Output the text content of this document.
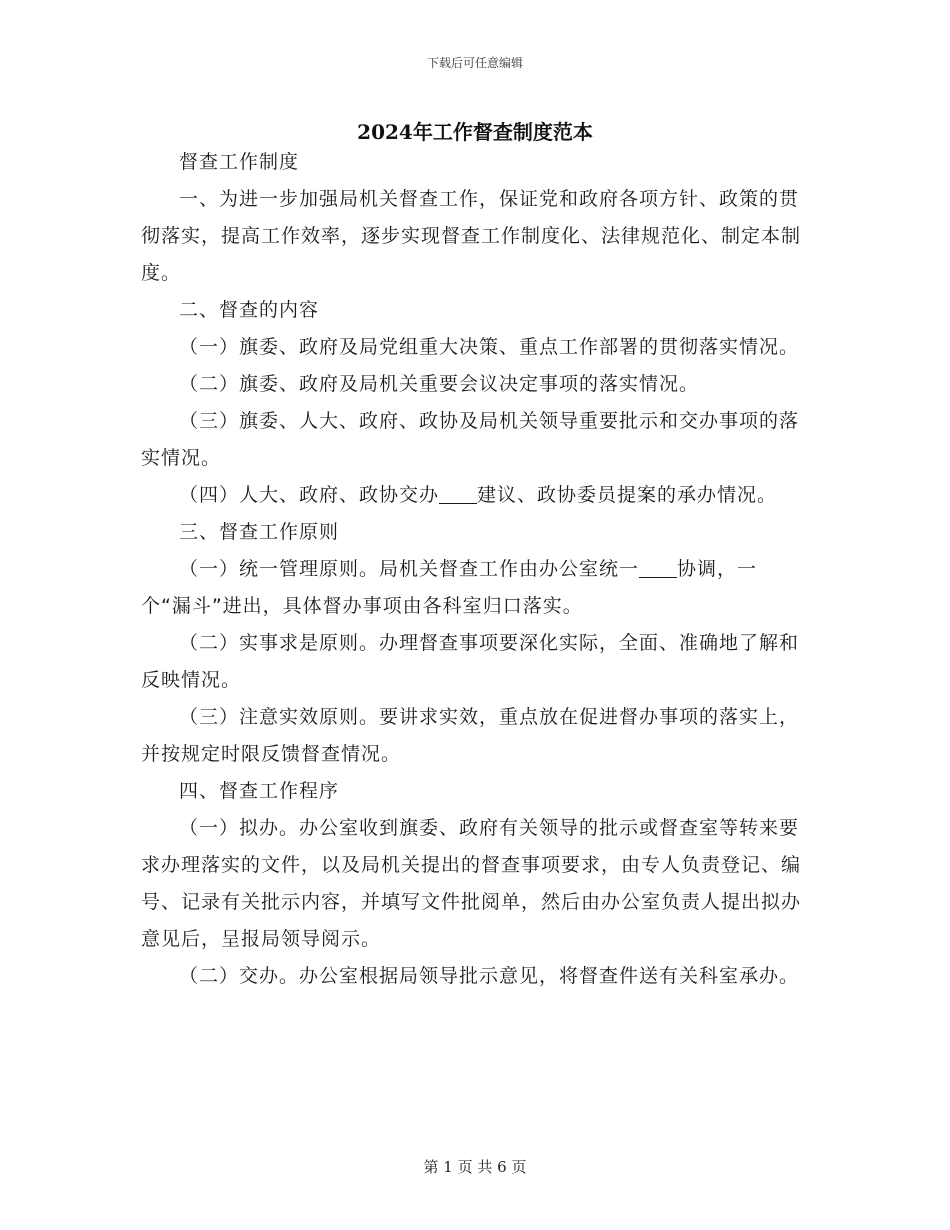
下载后可任意编辑
2024年工作督查制度范本

督查工作制度

一、为进一步加强局机关督查工作，保证党和政府各项方针、政策的贯彻落实，提高工作效率，逐步实现督查工作制度化、法律规范化、制定本制度。

二、督查的内容

（一）旗委、政府及局党组重大决策、重点工作部署的贯彻落实情况。

（二）旗委、政府及局机关重要会议决定事项的落实情况。

（三）旗委、人大、政府、政协及局机关领导重要批示和交办事项的落实情况。

（四）人大、政府、政协交办 建议、政协委员提案的承办情况。

三、督查工作原则

（一）统一管理原则。局机关督查工作由办公室统一 协调，一个“漏斗”进出，具体督办事项由各科室归口落实。

（二）实事求是原则。办理督查事项要深化实际，全面、准确地了解和反映情况。

（三）注意实效原则。要讲求实效，重点放在促进督办事项的落实上，并按规定时限反馈督查情况。

四、督查工作程序

（一）拟办。办公室收到旗委、政府有关领导的批示或督查室等转来要求办理落实的文件，以及局机关提出的督查事项要求，由专人负责登记、编号、记录有关批示内容，并填写文件批阅单，然后由办公室负责人提出拟办意见后，呈报局领导阅示。

（二）交办。办公室根据局领导批示意见，将督查件送有关科室承办。

第 1 页 共 6 页
